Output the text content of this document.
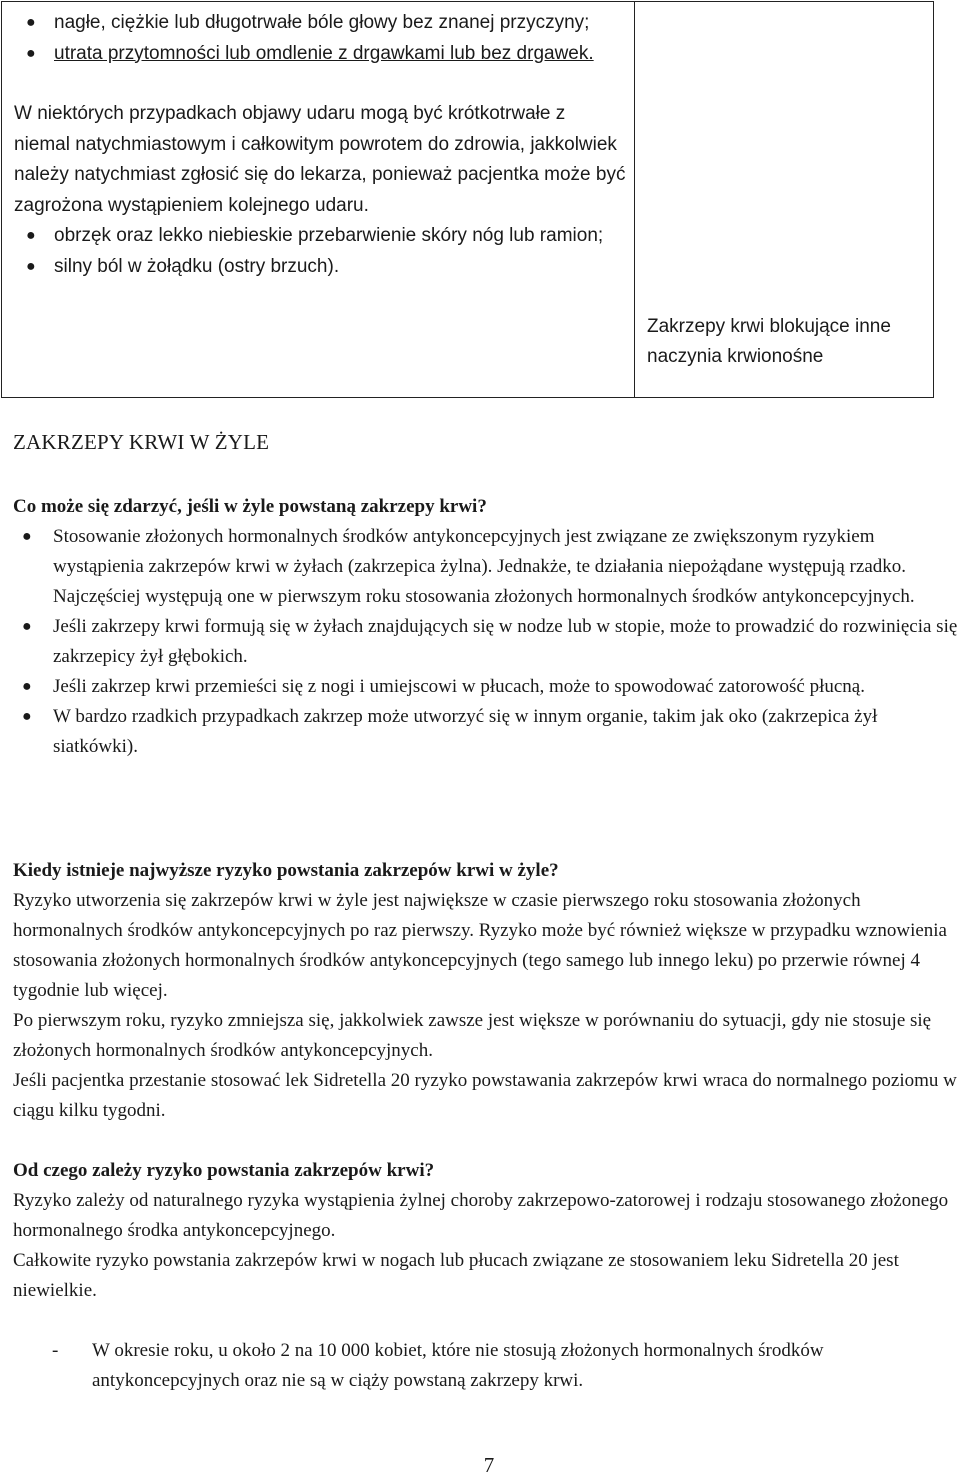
● nagłe, ciężkie lub długotrwałe bóle głowy bez znanej przyczyny;
● utrata przytomności lub omdlenie z drgawkami lub bez drgawek.

W niektórych przypadkach objawy udaru mogą być krótkotrwałe z niemal natychmiastowym i całkowitym powrotem do zdrowia, jakkolwiek należy natychmiast zgłosić się do lekarza, ponieważ pacjentka może być zagrożona wystąpieniem kolejnego udaru.

● obrzęk oraz lekko niebieskie przebarwienie skóry nóg lub ramion;
● silny ból w żołądku (ostry brzuch).
Zakrzepy krwi blokujące inne naczynia krwionośne
ZAKRZEPY KRWI W ŻYLE

Co może się zdarzyć, jeśli w żyle powstaną zakrzepy krwi?

● Stosowanie złożonych hormonalnych środków antykoncepcyjnych jest związane ze zwiększonym ryzykiem wystąpienia zakrzepów krwi w żyłach (zakrzepica żylna). Jednakże, te działania niepożądane występują rzadko. Najczęściej występują one w pierwszym roku stosowania złożonych hormonalnych środków antykoncepcyjnych.
● Jeśli zakrzepy krwi formują się w żyłach znajdujących się w nodze lub w stopie, może to prowadzić do rozwinięcia się zakrzepicy żył głębokich.
● Jeśli zakrzep krwi przemieści się z nogi i umiejscowi w płucach, może to spowodować zatorowość płucną.
● W bardzo rzadkich przypadkach zakrzep może utworzyć się w innym organie, takim jak oko (zakrzepica żył siatkówki).

Kiedy istnieje najwyższe ryzyko powstania zakrzepów krwi w żyle?

Ryzyko utworzenia się zakrzepów krwi w żyle jest największe w czasie pierwszego roku stosowania złożonych hormonalnych środków antykoncepcyjnych po raz pierwszy. Ryzyko może być również większe w przypadku wznowienia stosowania złożonych hormonalnych środków antykoncepcyjnych (tego samego lub innego leku) po przerwie równej 4 tygodnie lub więcej.

Po pierwszym roku, ryzyko zmniejsza się, jakkolwiek zawsze jest większe w porównaniu do sytuacji, gdy nie stosuje się złożonych hormonalnych środków antykoncepcyjnych.

Jeśli pacjentka przestanie stosować lek Sidretella 20 ryzyko powstawania zakrzepów krwi wraca do normalnego poziomu w ciągu kilku tygodni.

Od czego zależy ryzyko powstania zakrzepów krwi?

Ryzyko zależy od naturalnego ryzyka wystąpienia żylnej choroby zakrzepowo-zatorowej i rodzaju stosowanego złożonego hormonalnego środka antykoncepcyjnego.

Całkowite ryzyko powstania zakrzepów krwi w nogach lub płucach związane ze stosowaniem leku Sidretella 20 jest niewielkie.

- W okresie roku, u około 2 na 10 000 kobiet, które nie stosują złożonych hormonalnych środków antykoncepcyjnych oraz nie są w ciąży powstaną zakrzepy krwi.
7
